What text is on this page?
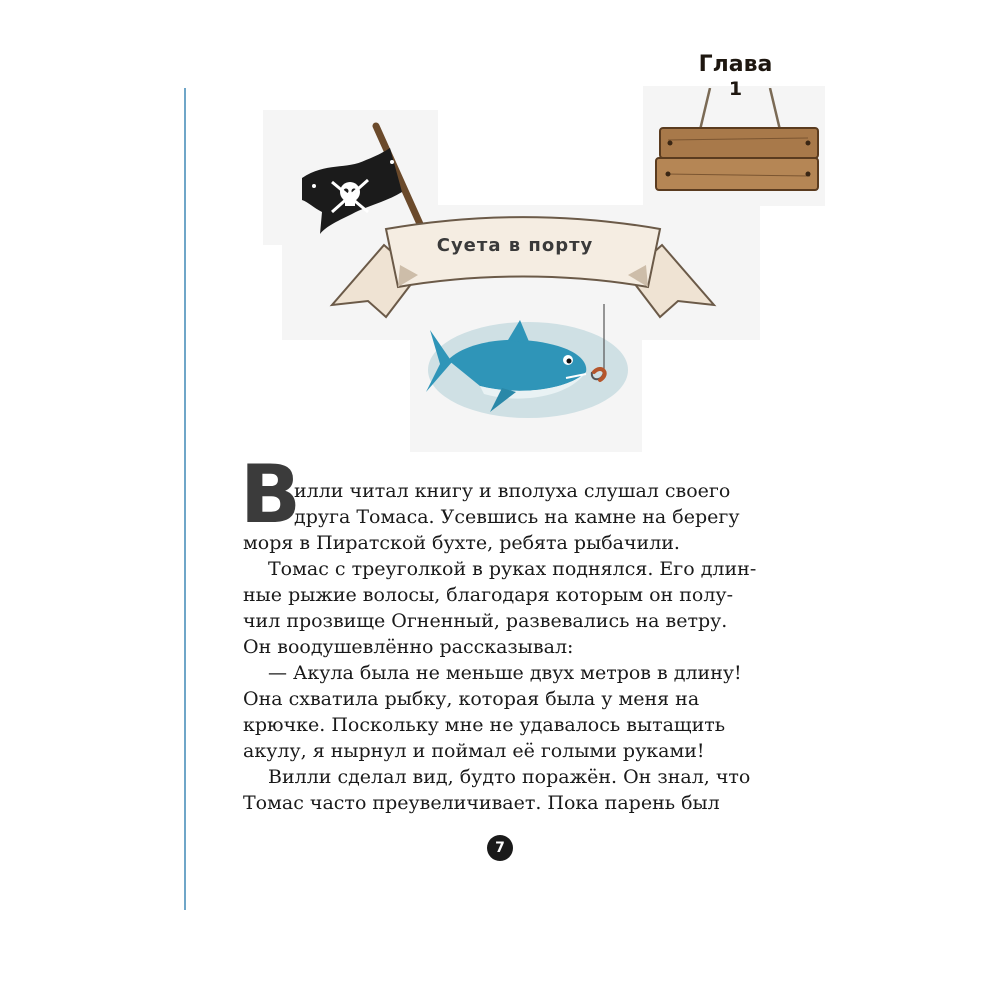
Глава
1
Суета в порту
В
илли читал книгу и вполуха слушал своего
друга Томаса. Усевшись на камне на берегу
моря в Пиратской бухте, ребята рыбачили.
Томас с треуголкой в руках поднялся. Его длин-
ные рыжие волосы, благодаря которым он полу-
чил прозвище Огненный, развевались на ветру.
Он воодушевлённо рассказывал:
— Акула была не меньше двух метров в длину!
Она схватила рыбку, которая была у меня на
крючке. Поскольку мне не удавалось вытащить
акулу, я нырнул и поймал её голыми руками!
Вилли сделал вид, будто поражён. Он знал, что
Томас часто преувеличивает. Пока парень был
7
